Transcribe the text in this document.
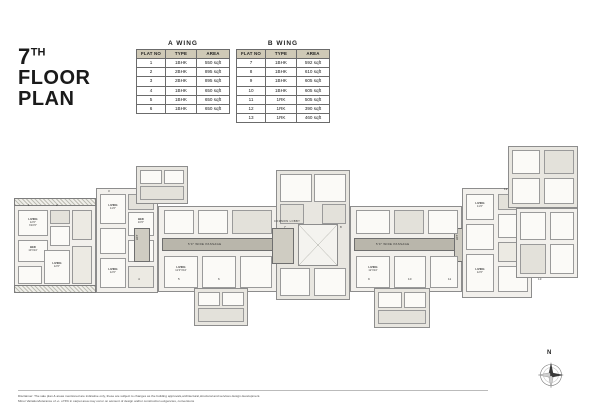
7TH
FLOOR
PLAN
A WING
FLAT NO	TYPE	AREA
1	1BHK	550 sqft
2	2BHK	895 sqft
3	2BHK	895 sqft
4	1BHK	650 sqft
5	1BHK	650 sqft
6	1BHK	650 sqft
B WING
FLAT NO	TYPE	AREA
7	1BHK	592 sqft
8	1BHK	610 sqft
9	1BHK	605 sqft
10	1BHK	605 sqft
11	1RK	505 sqft
12	1RK	390 sqft
13	1RK	460 sqft
LIVING
12'0"
X10'0"
BED
10'X10'
LIVING
12'6"
LIVING
11'6"
BED
10'6"
LIVING
12'0"
5'0" WIDE PASSAGE
LIFT
LIVING
11'0"X10'
COMMON LOBBY
5'0" WIDE PASSAGE
LIFT
LIVING
12'X10'
LIVING
11'6"
LIVING
12'6"
1	2
3
4	5	6
7	8
9	10	11
12
13
N
Disclaimer: The sale plan & areas mentioned are indicative only, these are subject to changes as the building approvals,architectural,structural and services design development.
Minor Variation/tolerance of +/- of 5% in carpet area may occur on account of design and/or construction exigencies, conversions
